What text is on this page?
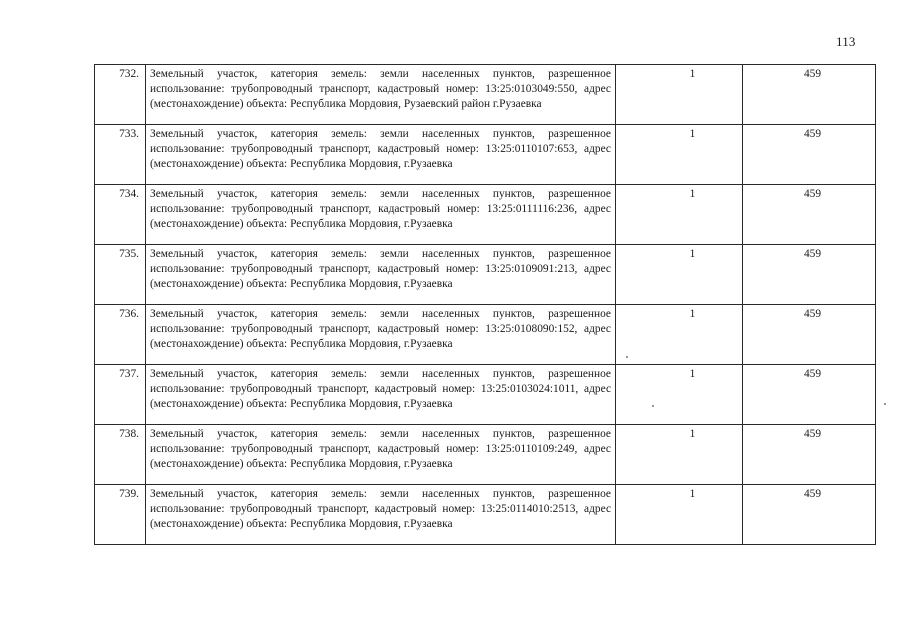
113
732.	Земельный участок, категория земель: земли населенных пунктов, разрешенное использование: трубопроводный транспорт, кадастровый номер: 13:25:0103049:550, адрес (местонахождение) объекта: Республика Мордовия, Рузаевский район г.Рузаевка	1	459
733.	Земельный участок, категория земель: земли населенных пунктов, разрешенное использование: трубопроводный транспорт, кадастровый номер: 13:25:0110107:653, адрес (местонахождение) объекта: Республика Мордовия, г.Рузаевка	1	459
734.	Земельный участок, категория земель: земли населенных пунктов, разрешенное использование: трубопроводный транспорт, кадастровый номер: 13:25:0111116:236, адрес (местонахождение) объекта: Республика Мордовия, г.Рузаевка	1	459
735.	Земельный участок, категория земель: земли населенных пунктов, разрешенное использование: трубопроводный транспорт, кадастровый номер: 13:25:0109091:213, адрес (местонахождение) объекта: Республика Мордовия, г.Рузаевка	1	459
736.	Земельный участок, категория земель: земли населенных пунктов, разрешенное использование: трубопроводный транспорт, кадастровый номер: 13:25:0108090:152, адрес (местонахождение) объекта: Республика Мордовия, г.Рузаевка	1	459
737.	Земельный участок, категория земель: земли населенных пунктов, разрешенное использование: трубопроводный транспорт, кадастровый номер: 13:25:0103024:1011, адрес (местонахождение) объекта: Республика Мордовия, г.Рузаевка	1	459
738.	Земельный участок, категория земель: земли населенных пунктов, разрешенное использование: трубопроводный транспорт, кадастровый номер: 13:25:0110109:249, адрес (местонахождение) объекта: Республика Мордовия, г.Рузаевка	1	459
739.	Земельный участок, категория земель: земли населенных пунктов, разрешенное использование: трубопроводный транспорт, кадастровый номер: 13:25:0114010:2513, адрес (местонахождение) объекта: Республика Мордовия, г.Рузаевка	1	459
